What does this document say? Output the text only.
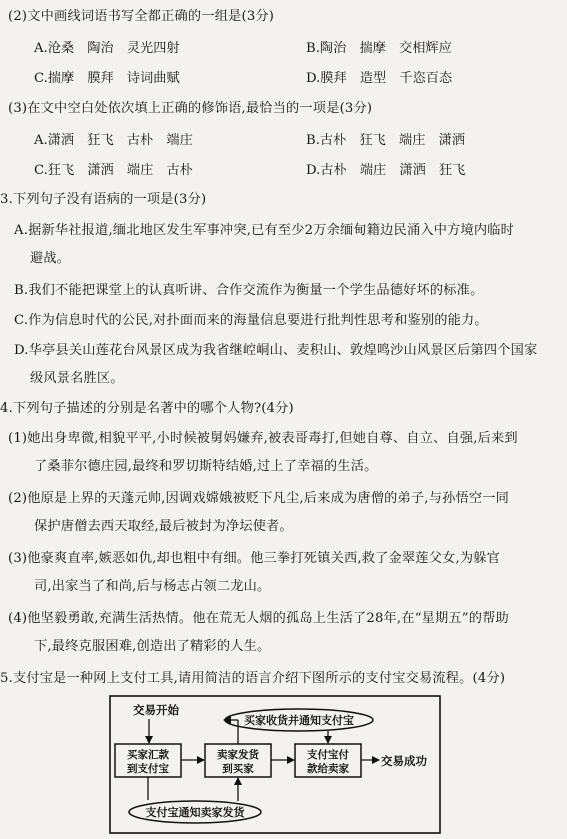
(2)文中画线词语书写全都正确的一组是(3分)
A.沧桑　陶治　灵光四射	B.陶治　揣摩　交相辉应
C.揣摩　膜拜　诗词曲赋	D.膜拜　造型　千恣百态
(3)在文中空白处依次填上正确的修饰语,最恰当的一项是(3分)
A.潇洒　狂飞　古朴　端庄	B.古朴　狂飞　端庄　潇洒
C.狂飞　潇洒　端庄　古朴	D.古朴　端庄　潇洒　狂飞
3.下列句子没有语病的一项是(3分)
A.据新华社报道,缅北地区发生军事冲突,已有至少2万余缅甸籍边民涌入中方境内临时
避战。
B.我们不能把课堂上的认真听讲、合作交流作为衡量一个学生品德好坏的标准。
C.作为信息时代的公民,对扑面而来的海量信息要进行批判性思考和鉴别的能力。
D.华亭县关山莲花台风景区成为我省继崆峒山、麦积山、敦煌鸣沙山风景区后第四个国家
级风景名胜区。
4.下列句子描述的分别是名著中的哪个人物?(4分)
(1)她出身卑微,相貌平平,小时候被舅妈嫌弃,被表哥毒打,但她自尊、自立、自强,后来到
了桑菲尔德庄园,最终和罗切斯特结婚,过上了幸福的生活。
(2)他原是上界的天蓬元帅,因调戏嫦娥被贬下凡尘,后来成为唐僧的弟子,与孙悟空一同
保护唐僧去西天取经,最后被封为净坛使者。
(3)他豪爽直率,嫉恶如仇,却也粗中有细。他三拳打死镇关西,救了金翠莲父女,为躲官
司,出家当了和尚,后与杨志占领二龙山。
(4)他坚毅勇敢,充满生活热情。他在荒无人烟的孤岛上生活了28年,在“星期五”的帮助
下,最终克服困难,创造出了精彩的人生。
5.支付宝是一种网上支付工具,请用简洁的语言介绍下图所示的支付宝交易流程。(4分)
交易开始
买家收货并通知支付宝
买家汇款
到支付宝
卖家发货
到买家
支付宝付
款给卖家
交易成功
支付宝通知卖家发货
